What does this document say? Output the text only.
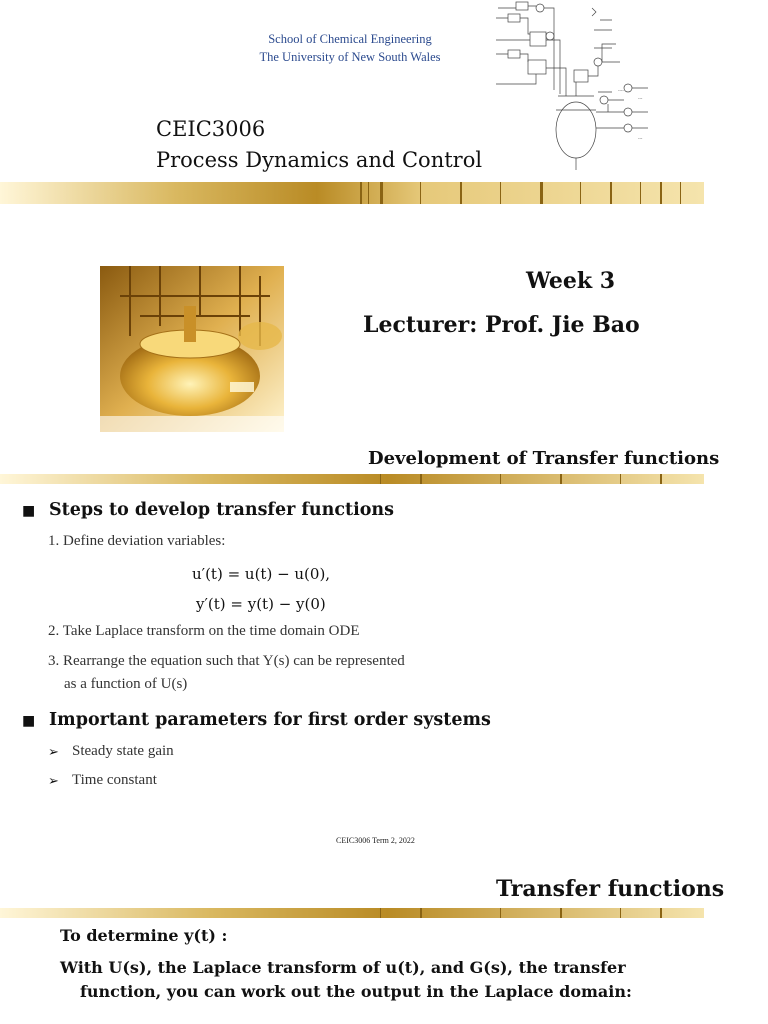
School of Chemical Engineering
The University of New South Wales
----
---
---
CEIC3006
Process Dynamics and Control
Week 3
Lecturer: Prof. Jie Bao
Development of Transfer functions
■ Steps to develop transfer functions
1. Define deviation variables:
u′(t) = u(t) − u(0),
y′(t) = y(t) − y(0)
2. Take Laplace transform on the time domain ODE
3. Rearrange the equation such that Y(s) can be represented
as a function of U(s)
■ Important parameters for first order systems
➢ Steady state gain
➢ Time constant
CEIC3006 Term 2, 2022
Transfer functions
To determine y(t) :
With U(s), the Laplace transform of u(t), and G(s), the transfer
function, you can work out the output in the Laplace domain:
